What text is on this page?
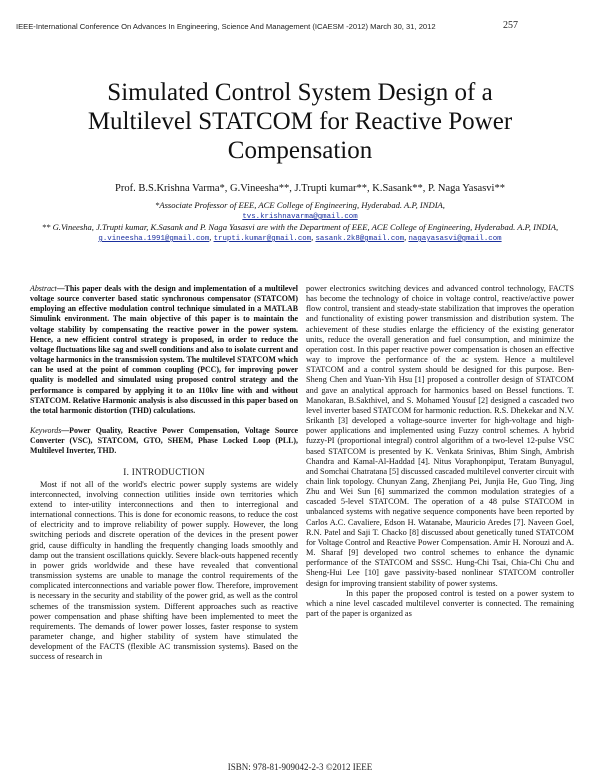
IEEE-International Conference On Advances In Engineering, Science And Management (ICAESM -2012) March 30, 31, 2012	257
Simulated Control System Design of a Multilevel STATCOM for Reactive Power Compensation
Prof. B.S.Krishna Varma*, G.Vineesha**, J.Trupti kumar**, K.Sasank**, P. Naga Yasasvi**
*Associate Professor of EEE, ACE College of Engineering, Hyderabad. A.P, INDIA,
tvs.krishnavarma@gmail.com
** G.Vineesha, J.Trupti kumar, K.Sasank and P. Naga Yasasvi are with the Department of EEE, ACE College of Engineering, Hyderabad. A.P, INDIA, g.vineesha.1991@gmail.com, trupti.kumar@gmail.com, sasank.2k8@gmail.com, nagayasasvi@gmail.com

Abstract—This paper deals with the design and implementation of a multilevel voltage source converter based static synchronous compensator (STATCOM) employing an effective modulation control technique simulated in a MATLAB Simulink environment. The main objective of this paper is to maintain the voltage stability by compensating the reactive power in the power system. Hence, a new efficient control strategy is proposed, in order to reduce the voltage fluctuations like sag and swell conditions and also to isolate current and voltage harmonics in the transmission system. The multilevel STATCOM which can be used at the point of common coupling (PCC), for improving power quality is modelled and simulated using proposed control strategy and the performance is compared by applying it to an 110kv line with and without STATCOM. Relative Harmonic analysis is also discussed in this paper based on the total harmonic distortion (THD) calculations.

Keywords—Power Quality, Reactive Power Compensation, Voltage Source Converter (VSC), STATCOM, GTO, SHEM, Phase Locked Loop (PLL), Multilevel Inverter, THD.

I. INTRODUCTION

Most if not all of the world's electric power supply systems are widely interconnected, involving connection utilities inside own territories which extend to inter-utility interconnections and then to interregional and international connections. This is done for economic reasons, to reduce the cost of electricity and to improve reliability of power supply. However, the long switching periods and discrete operation of the devices in the present power grid, cause difficulty in handling the frequently changing loads smoothly and damp out the transient oscillations quickly. Severe black-outs happened recently in power grids worldwide and these have revealed that conventional transmission systems are unable to manage the control requirements of the complicated interconnections and variable power flow. Therefore, improvement is necessary in the security and stability of the power grid, as well as the control schemes of the transmission system. Different approaches such as reactive power compensation and phase shifting have been implemented to meet the requirements. The demands of lower power losses, faster response to system parameter change, and higher stability of system have stimulated the development of the FACTS (flexible AC transmission systems). Based on the success of research in

power electronics switching devices and advanced control technology, FACTS has become the technology of choice in voltage control, reactive/active power flow control, transient and steady-state stabilization that improves the operation and functionality of existing power transmission and distribution system. The achievement of these studies enlarge the efficiency of the existing generator units, reduce the overall generation and fuel consumption, and minimize the operation cost. In this paper reactive power compensation is chosen an effective way to improve the performance of the ac system. Hence a multilevel STATCOM and a control system should be designed for this purpose. Ben-Sheng Chen and Yuan-Yih Hsu [1] proposed a controller design of STATCOM and gave an analytical approach for harmonics based on Bessel functions. T. Manokaran, B.Sakthivel, and S. Mohamed Yousuf [2] designed a cascaded two level inverter based STATCOM for harmonic reduction. R.S. Dhekekar and N.V. Srikanth [3] developed a voltage-source inverter for high-voltage and high-power applications and implemented using Fuzzy control schemes. A hybrid fuzzy-PI (proportional integral) control algorithm of a two-level 12-pulse VSC based STATCOM is presented by K. Venkata Srinivas, Bhim Singh, Ambrish Chandra and Kamal-Al-Haddad [4]. Nitus Voraphonpiput, Teratam Bunyagul, and Somchai Chatratana [5] discussed cascaded multilevel converter circuit with chain link topology. Chunyan Zang, Zhenjiang Pei, Junjia He, Guo Ting, Jing Zhu and Wei Sun [6] summarized the common modulation strategies of a cascaded 5-level STATCOM. The operation of a 48 pulse STATCOM in unbalanced systems with negative sequence components have been reported by Carlos A.C. Cavaliere, Edson H. Watanabe, Mauricio Aredes [7]. Naveen Goel, R.N. Patel and Saji T. Chacko [8] discussed about genetically tuned STATCOM for Voltage Control and Reactive Power Compensation. Amir H. Norouzi and A. M. Sharaf [9] developed two control schemes to enhance the dynamic performance of the STATCOM and SSSC. Hung-Chi Tsai, Chia-Chi Chu and Sheng-Hui Lee [10] gave passivity-based nonlinear STATCOM controller design for improving transient stability of power systems.

In this paper the proposed control is tested on a power system to which a nine level cascaded multilevel converter is connected. The remaining part of the paper is organized as

ISBN: 978-81-909042-2-3 ©2012 IEEE
